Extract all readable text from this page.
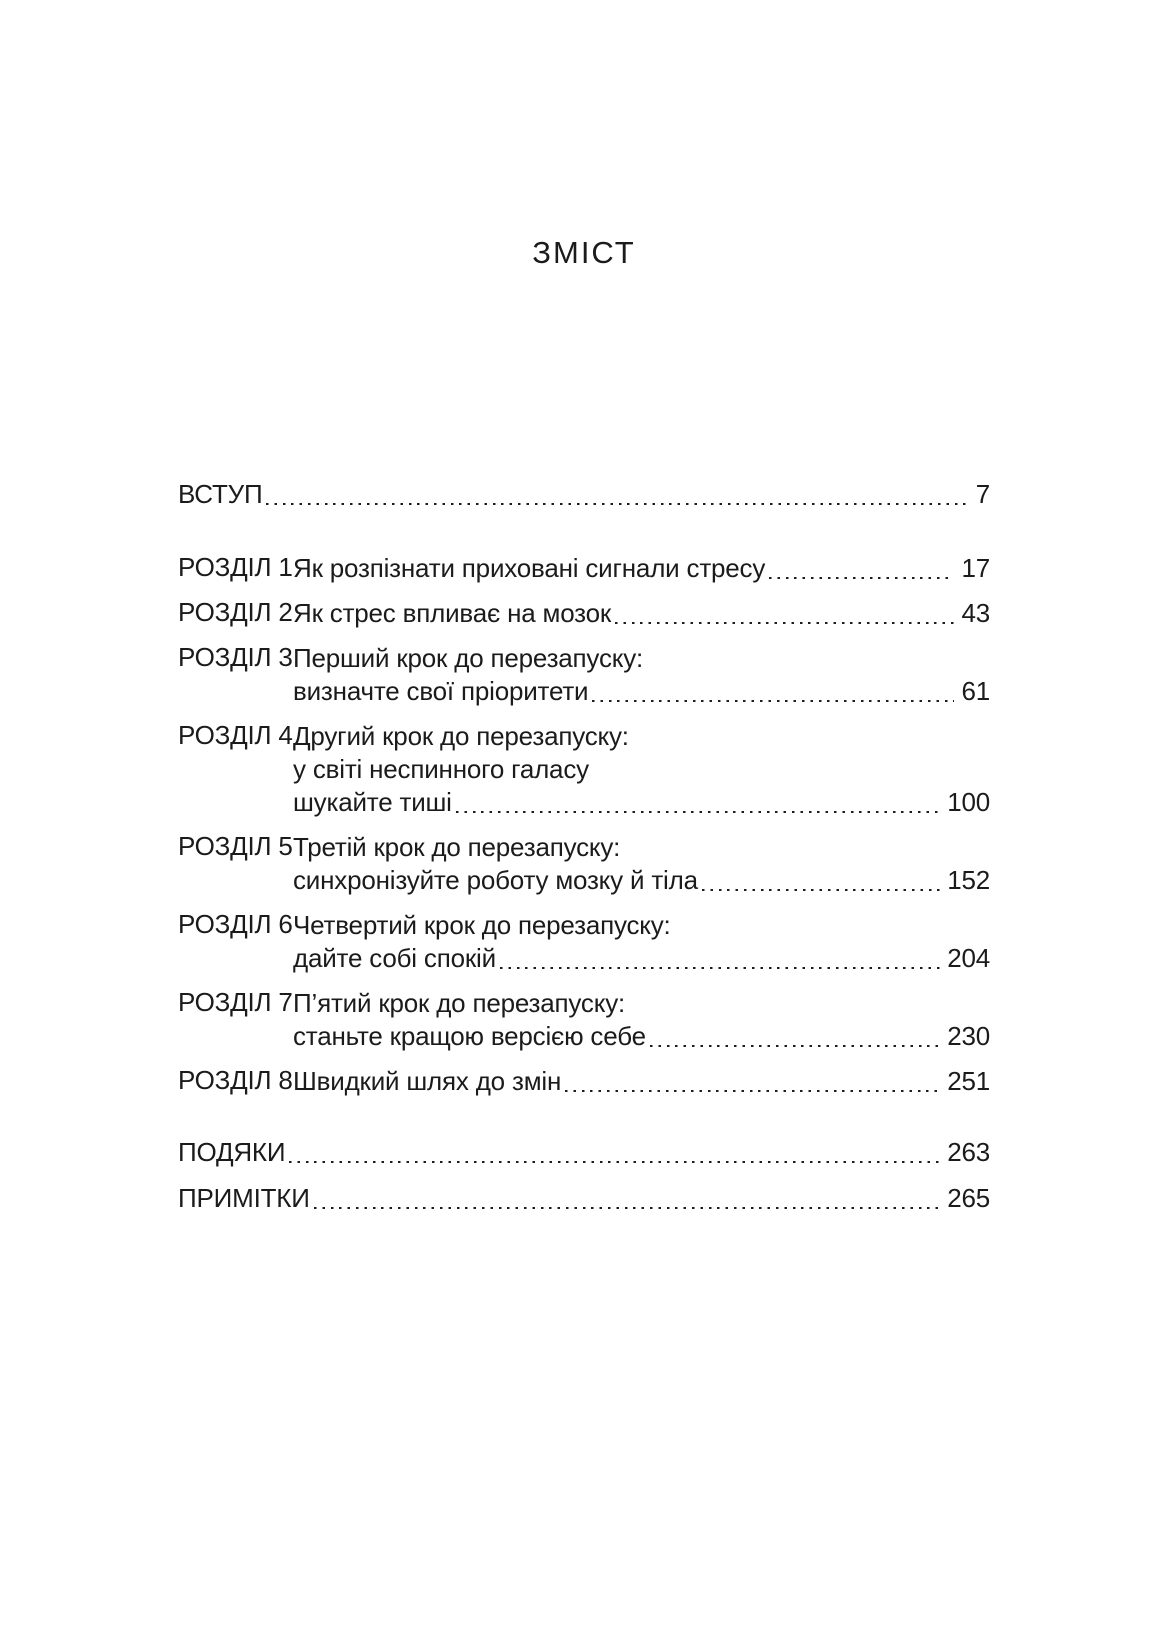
ЗМІСТ
ВСТУП	7
РОЗДІЛ 1 Як розпізнати приховані сигнали стресу	17
РОЗДІЛ 2 Як стрес впливає на мозок	43
РОЗДІЛ 3 Перший крок до перезапуску:
визначте свої пріоритети	61
РОЗДІЛ 4 Другий крок до перезапуску:
у світі неспинного галасу
шукайте тиші	100
РОЗДІЛ 5 Третій крок до перезапуску:
синхронізуйте роботу мозку й тіла	152
РОЗДІЛ 6 Четвертий крок до перезапуску:
дайте собі спокій	204
РОЗДІЛ 7 П’ятий крок до перезапуску:
станьте кращою версією себе	230
РОЗДІЛ 8 Швидкий шлях до змін	251
ПОДЯКИ	263
ПРИМІТКИ	265
